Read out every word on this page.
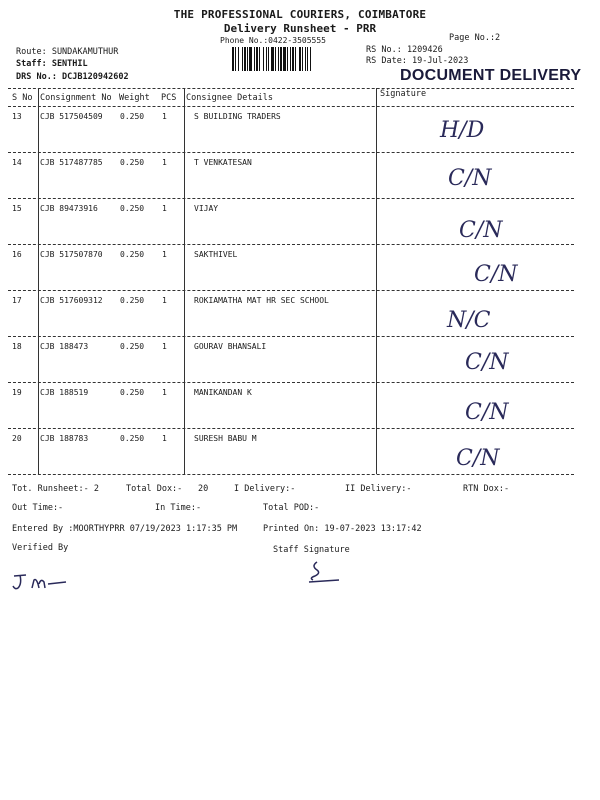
THE PROFESSIONAL COURIERS, COIMBATORE
Delivery Runsheet - PRR
Phone No.:0422-3505555	Page No.:2
Route: SUNDAKAMUTHUR
Staff: SENTHIL
DRS No.: DCJB120942602
RS No.: 1209426
RS Date: 19-Jul-2023
DOCUMENT DELIVERY
S No Consignment No Weight PCS Consignee Details	Signature
13 CJB 517504509 0.250 1	S BUILDING TRADERS
H/D
14 CJB 517487785 0.250 1	T VENKATESAN
C/N
15 CJB 89473916	0.250 1	VIJAY
C/N
16 CJB 517507870 0.250 1	SAKTHIVEL
C/N
17 CJB 517609312 0.250 1	ROKIAMATHA MAT HR SEC SCHOOL
N/C
18 CJB 188473	0.250 1	GOURAV BHANSALI
C/N
19 CJB 188519	0.250 1	MANIKANDAN K
C/N
20 CJB 188783	0.250 1	SURESH BABU M
C/N
Tot. Runsheet:- 2	Total Dox:- 20	I Delivery:-	II Delivery:-	RTN Dox:-
Out Time:-	In Time:-	Total POD:-
Entered By :MOORTHYPRR 07/19/2023 1:17:35 PM	Printed On: 19-07-2023 13:17:42
Verified By	Staff Signature
